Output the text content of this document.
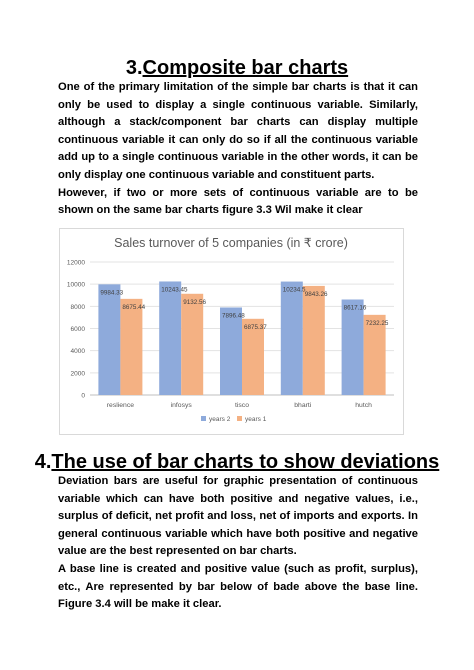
3.Composite bar charts

One of the primary limitation of the simple bar charts is that it can only be used to display a single continuous variable. Similarly, although a stack/component bar charts can display multiple continuous variable it can only do so if all the continuous variable add up to a single continuous variable in the other words, it can be only display one continuous variable and constituent parts.

However, if two or more sets of continuous variable are to be shown on the same bar charts figure 3.3 Wil make it clear

Sales turnover of 5 companies (in ₹ crore)
0
2000
4000
6000
8000
10000
12000
9984.33
8675.44
10243.45
9132.56
7896.48
6875.37
10234.5
9843.26
8617.16
7232.25
reslience	infosys	tisco	bharti	hutch
years 2 years 1
4.The use of bar charts to show deviations

Deviation bars are useful for graphic presentation of continuous variable which can have both positive and negative values, i.e., surplus of deficit, net profit and loss, net of imports and exports. In general continuous variable which have both positive and negative value are the best represented on bar charts.

A base line is created and positive value (such as profit, surplus), etc., Are represented by bar below of bade above the base line. Figure 3.4 will be make it clear.
